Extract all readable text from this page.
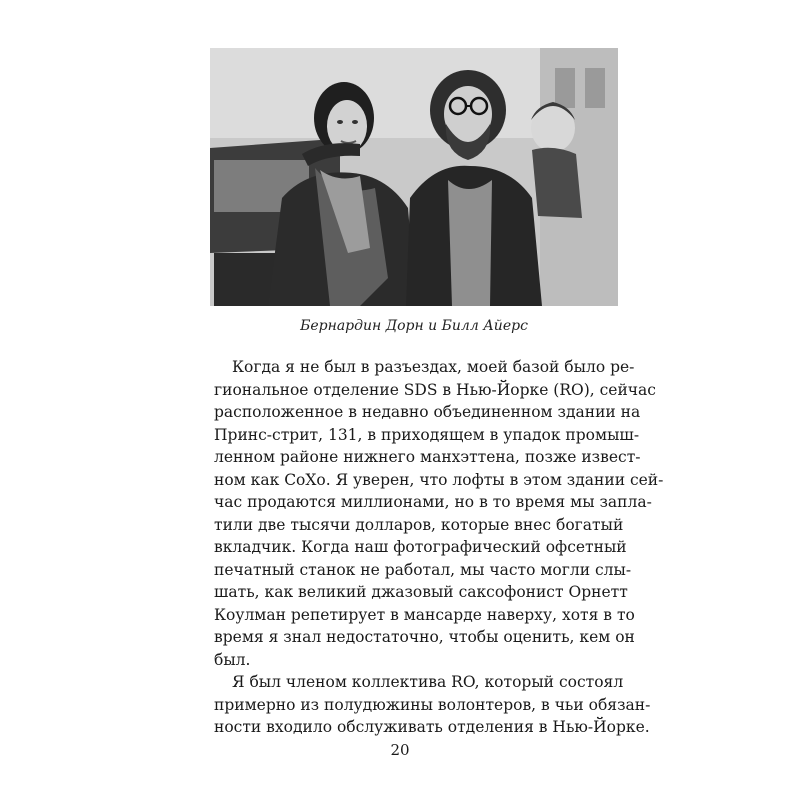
Бернардин Дорн и Билл Айерс
Когда я не был в разъездах, моей базой было ре-
гиональное отделение SDS в Нью-Йорке (RO), сейчас
расположенное в недавно объединенном здании на
Принс-стрит, 131, в приходящем в упадок промыш-
ленном районе нижнего манхэттена, позже извест-
ном как СоХо. Я уверен, что лофты в этом здании сей-
час продаются миллионами, но в то время мы запла-
тили две тысячи долларов, которые внес богатый
вкладчик. Когда наш фотографический офсетный
печатный станок не работал, мы часто могли слы-
шать, как великий джазовый саксофонист Орнетт
Коулман репетирует в мансарде наверху, хотя в то
время я знал недостаточно, чтобы оценить, кем он
был.
Я был членом коллектива RO, который состоял
примерно из полудюжины волонтеров, в чьи обязан-
ности входило обслуживать отделения в Нью-Йорке.
20
